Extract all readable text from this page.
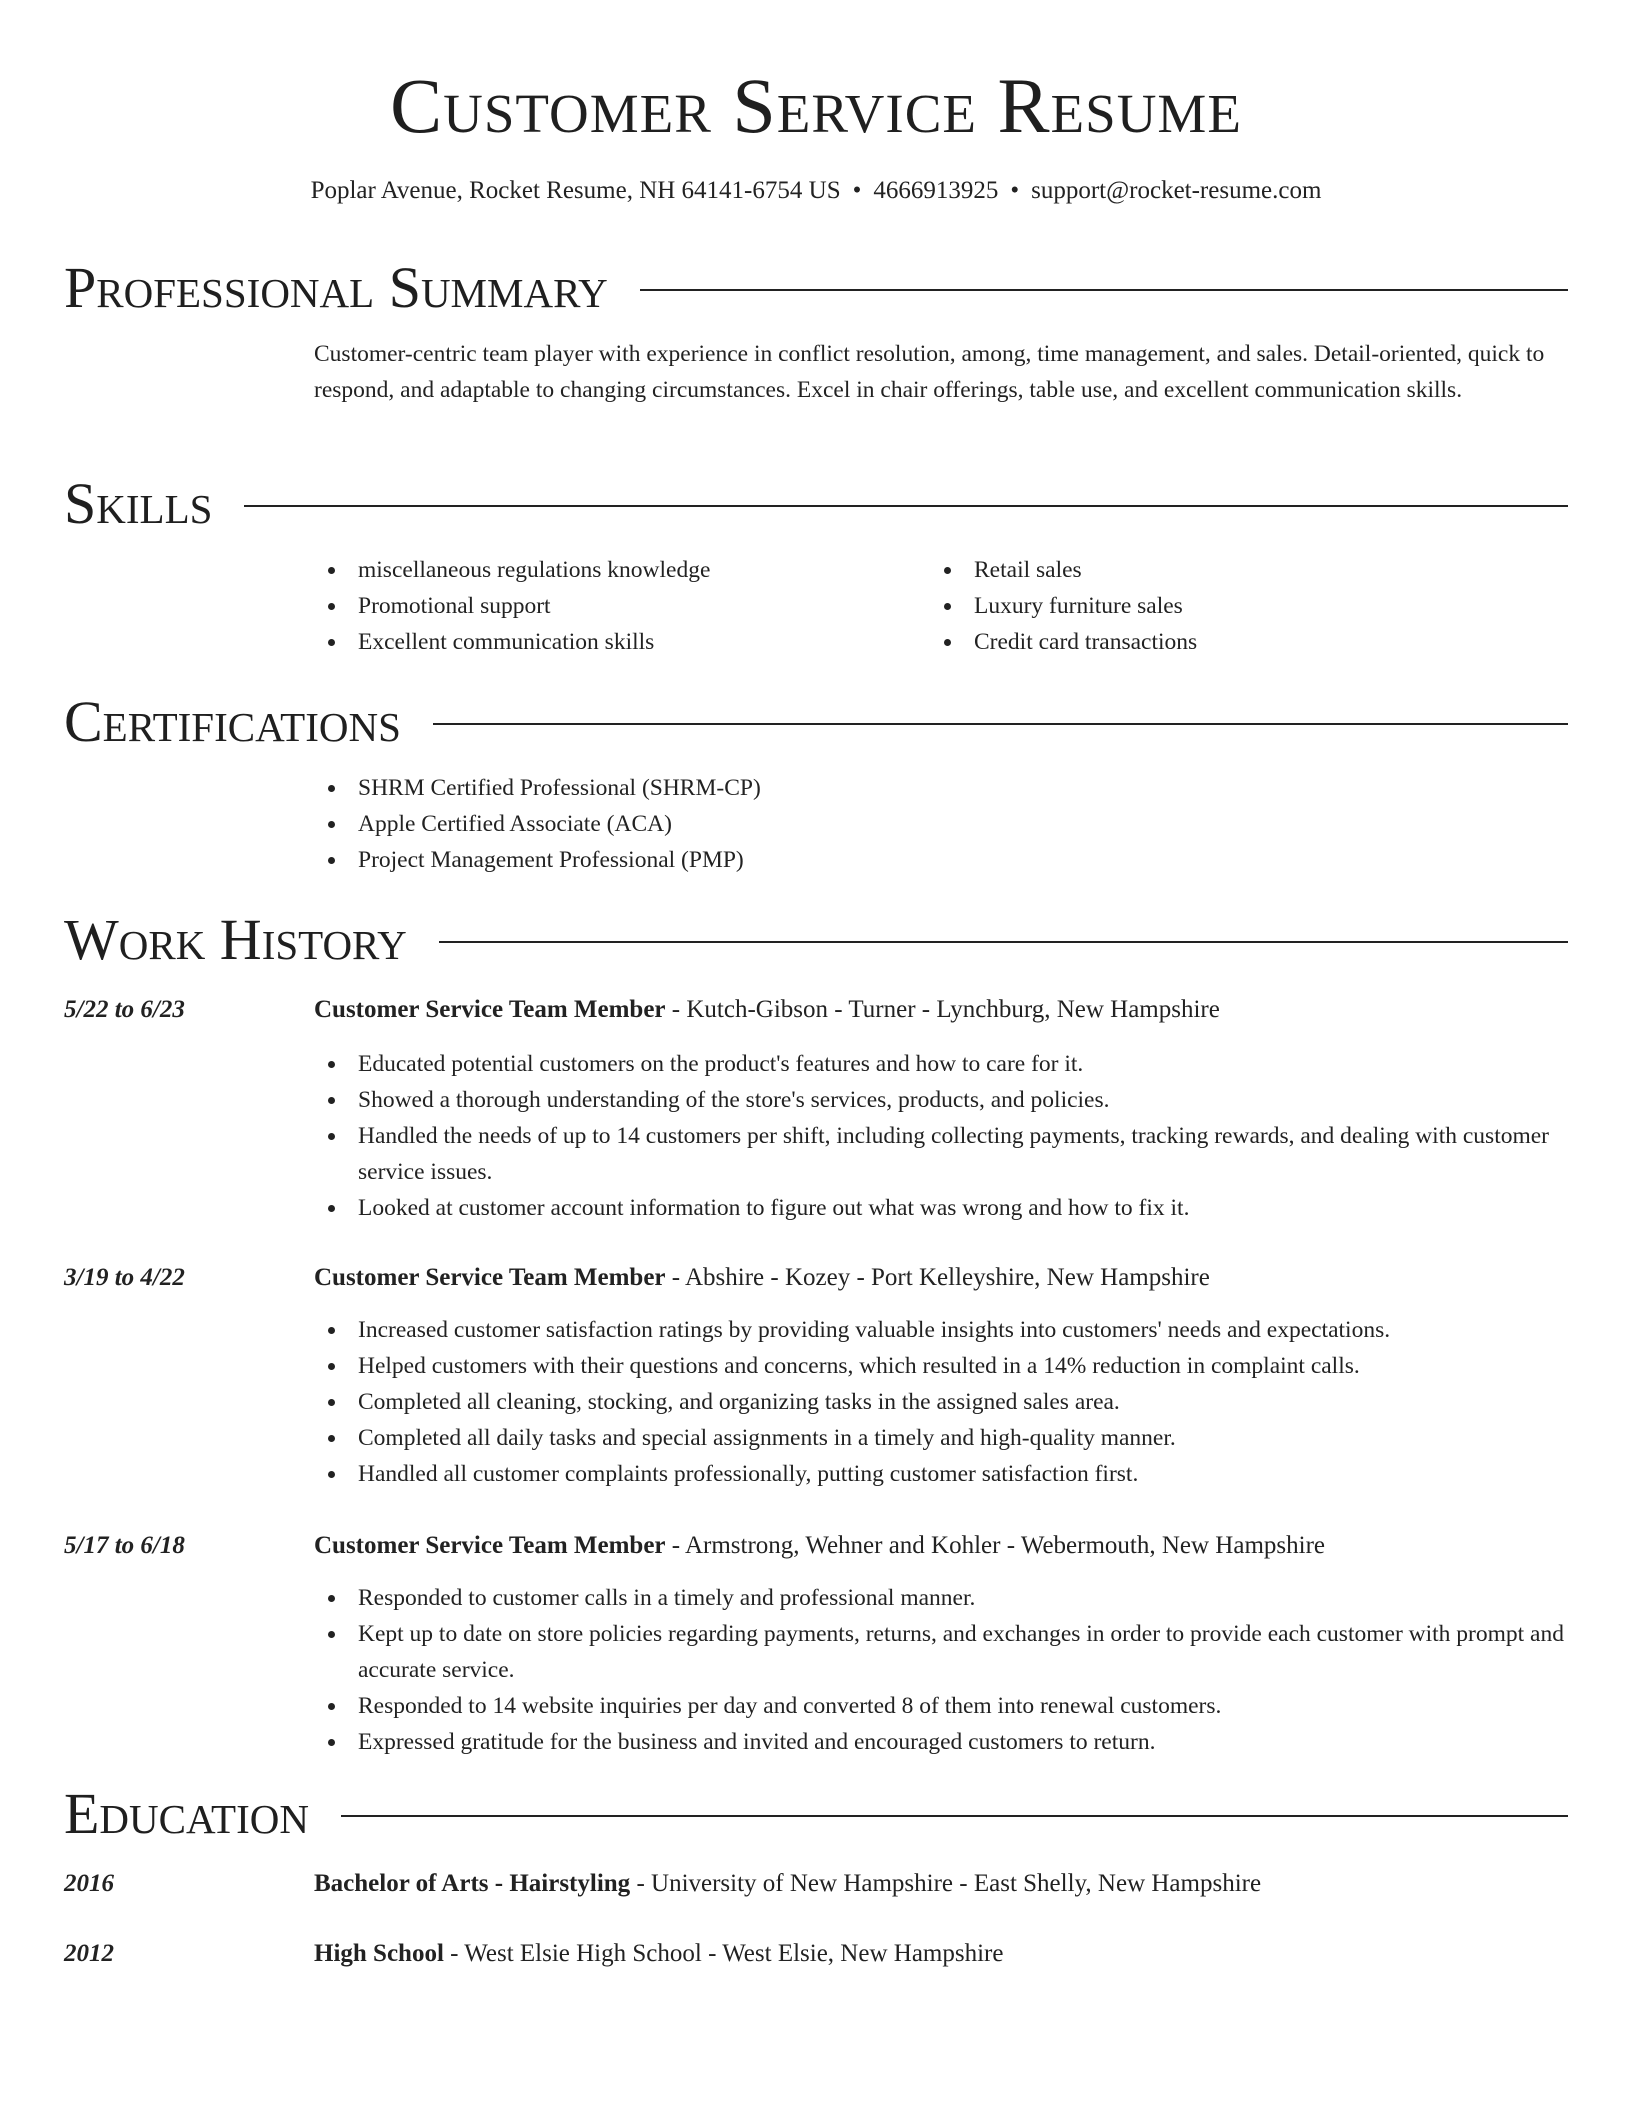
Customer Service Resume
Poplar Avenue, Rocket Resume, NH 64141-6754 US • 4666913925 • support@rocket-resume.com
Professional Summary

Customer-centric team player with experience in conflict resolution, among, time management, and sales. Detail-oriented, quick to respond, and adaptable to changing circumstances. Excel in chair offerings, table use, and excellent communication skills.

Skills
miscellaneous regulations knowledge
Promotional support
Excellent communication skills
Retail sales
Luxury furniture sales
Credit card transactions
Certifications
SHRM Certified Professional (SHRM-CP)
Apple Certified Associate (ACA)
Project Management Professional (PMP)
Work History
5/22 to 6/23	Customer Service Team Member - Kutch-Gibson - Turner - Lynchburg, New Hampshire
Educated potential customers on the product's features and how to care for it.
Showed a thorough understanding of the store's services, products, and policies.
Handled the needs of up to 14 customers per shift, including collecting payments, tracking rewards, and dealing with customer service issues.
Looked at customer account information to figure out what was wrong and how to fix it.
3/19 to 4/22	Customer Service Team Member - Abshire - Kozey - Port Kelleyshire, New Hampshire
Increased customer satisfaction ratings by providing valuable insights into customers' needs and expectations.
Helped customers with their questions and concerns, which resulted in a 14% reduction in complaint calls.
Completed all cleaning, stocking, and organizing tasks in the assigned sales area.
Completed all daily tasks and special assignments in a timely and high-quality manner.
Handled all customer complaints professionally, putting customer satisfaction first.
5/17 to 6/18	Customer Service Team Member - Armstrong, Wehner and Kohler - Webermouth, New Hampshire
Responded to customer calls in a timely and professional manner.
Kept up to date on store policies regarding payments, returns, and exchanges in order to provide each customer with prompt and accurate service.
Responded to 14 website inquiries per day and converted 8 of them into renewal customers.
Expressed gratitude for the business and invited and encouraged customers to return.
Education
2016	Bachelor of Arts - Hairstyling - University of New Hampshire - East Shelly, New Hampshire
2012	High School - West Elsie High School - West Elsie, New Hampshire
